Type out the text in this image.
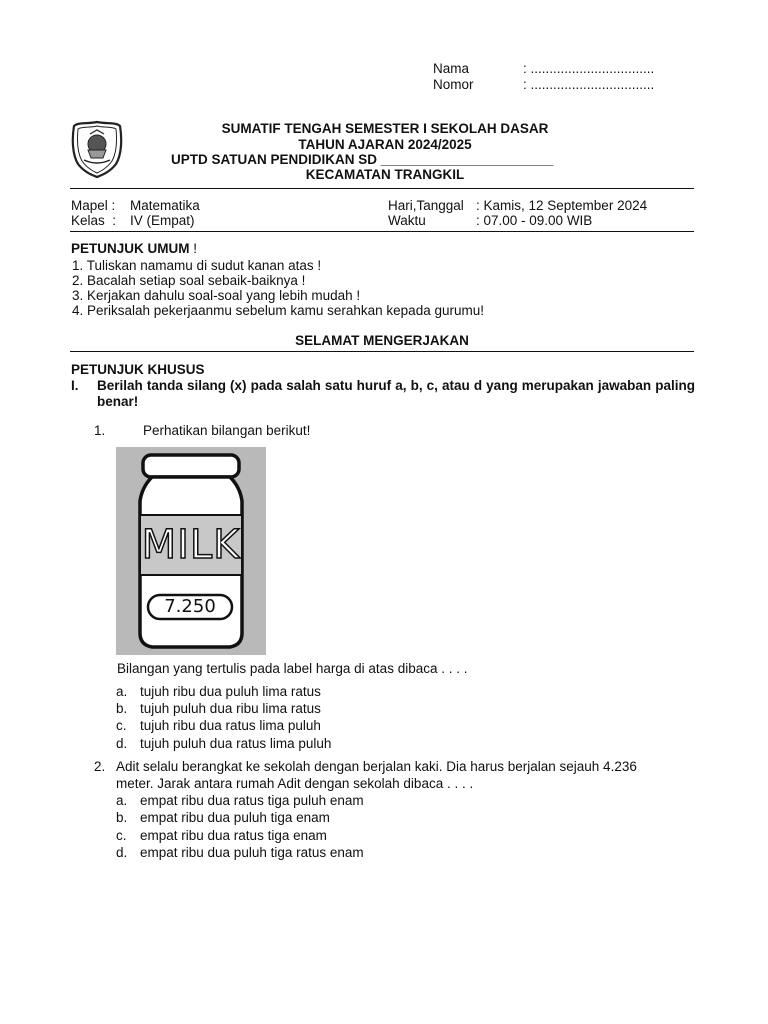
Nama	: .................................
Nomor	: .................................
SUMATIF TENGAH SEMESTER I SEKOLAH DASAR
TAHUN AJARAN 2024/2025
UPTD SATUAN PENDIDIKAN SD _______________________
KECAMATAN TRANGKIL
Mapel : Matematika
Kelas  : IV (Empat)
Hari,Tanggal : Kamis, 12 September 2024
Waktu	: 07.00 - 09.00 WIB
PETUNJUK UMUM !
1. Tuliskan namamu di sudut kanan atas !
2. Bacalah setiap soal sebaik-baiknya !
3. Kerjakan dahulu soal-soal yang lebih mudah !
4. Periksalah pekerjaanmu sebelum kamu serahkan kepada gurumu!
SELAMAT MENGERJAKAN
PETUNJUK KHUSUS
I. Berilah tanda silang (x) pada salah satu huruf a, b, c, atau d yang merupakan jawaban paling benar!
1.	Perhatikan bilangan berikut!
MILK
7.250
Bilangan yang tertulis pada label harga di atas dibaca . . . .
a. tujuh ribu dua puluh lima ratus
b. tujuh puluh dua ribu lima ratus
c. tujuh ribu dua ratus lima puluh
d. tujuh puluh dua ratus lima puluh
2. Adit selalu berangkat ke sekolah dengan berjalan kaki. Dia harus berjalan sejauh 4.236
meter. Jarak antara rumah Adit dengan sekolah dibaca . . . .
a. empat ribu dua ratus tiga puluh enam
b. empat ribu dua puluh tiga enam
c. empat ribu dua ratus tiga enam
d. empat ribu dua puluh tiga ratus enam
